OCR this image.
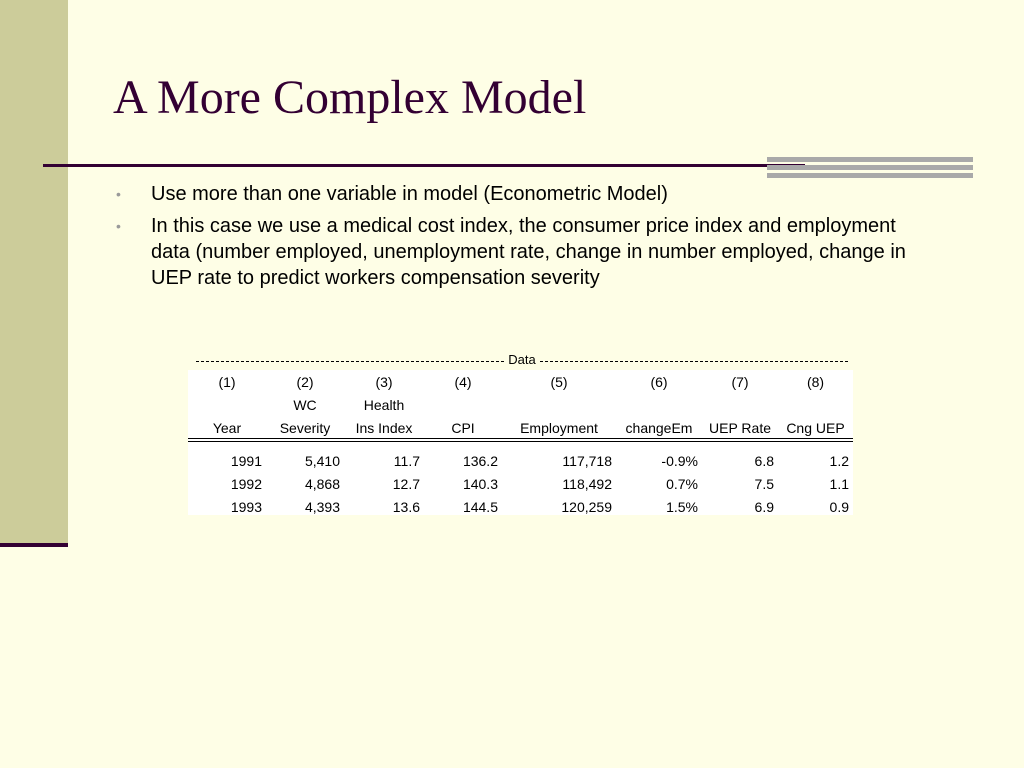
A More Complex Model
• Use more than one variable in model (Econometric Model)
• In this case we use a medical cost index, the consumer price index and employment data (number employed, unemployment rate, change in number employed, change in UEP rate to predict workers compensation severity
Data
(1)	(2)	(3)	(4)	(5)	(6)	(7)	(8)
	WC	Health					
Year	Severity	Ins Index	CPI	Employment	changeEm	UEP Rate	Cng UEP

1991	5,410	11.7	136.2	117,718	-0.9%	6.8	1.2
1992	4,868	12.7	140.3	118,492	0.7%	7.5	1.1
1993	4,393	13.6	144.5	120,259	1.5%	6.9	0.9
